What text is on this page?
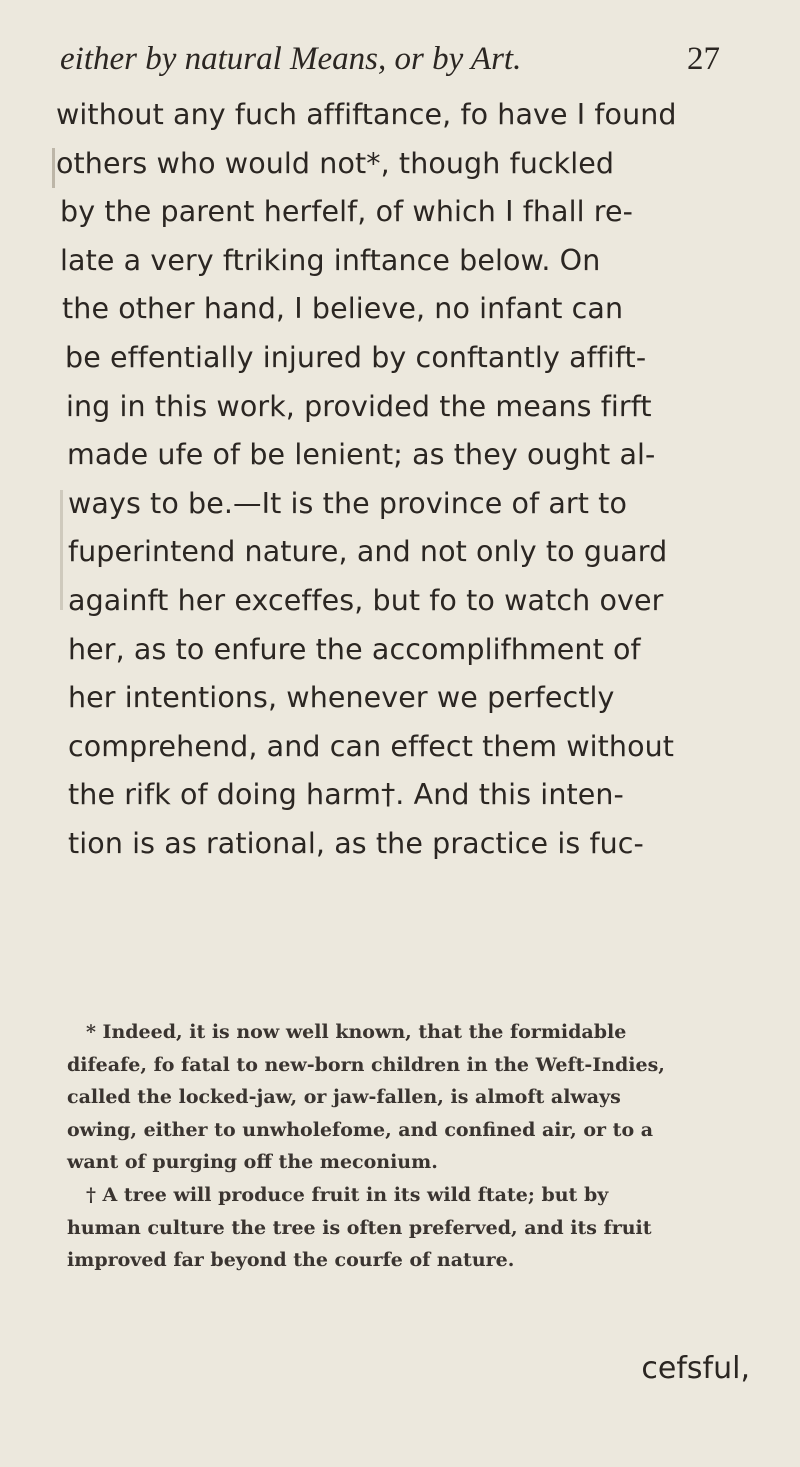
either by natural Means, or by Art.	27
without any fuch affiftance, fo have I found
others who would not*, though fuckled
by the parent herfelf, of which I fhall re-
late a very ftriking inftance below. On
the other hand, I believe, no infant can
be effentially injured by conftantly affift-
ing in this work, provided the means firft
made ufe of be lenient; as they ought al-
ways to be.—It is the province of art to
fuperintend nature, and not only to guard
againft her exceffes, but fo to watch over
her, as to enfure the accomplifhment of
her intentions, whenever we perfectly
comprehend, and can effect them without
the rifk of doing harm†. And this inten-
tion is as rational, as the practice is fuc-
* Indeed, it is now well known, that the formidable
difeafe, fo fatal to new-born children in the Weft-Indies,
called the locked-jaw, or jaw-fallen, is almoft always
owing, either to unwholefome, and confined air, or to a
want of purging off the meconium.
† A tree will produce fruit in its wild ftate; but by
human culture the tree is often preferved, and its fruit
improved far beyond the courfe of nature.
cefsful,
